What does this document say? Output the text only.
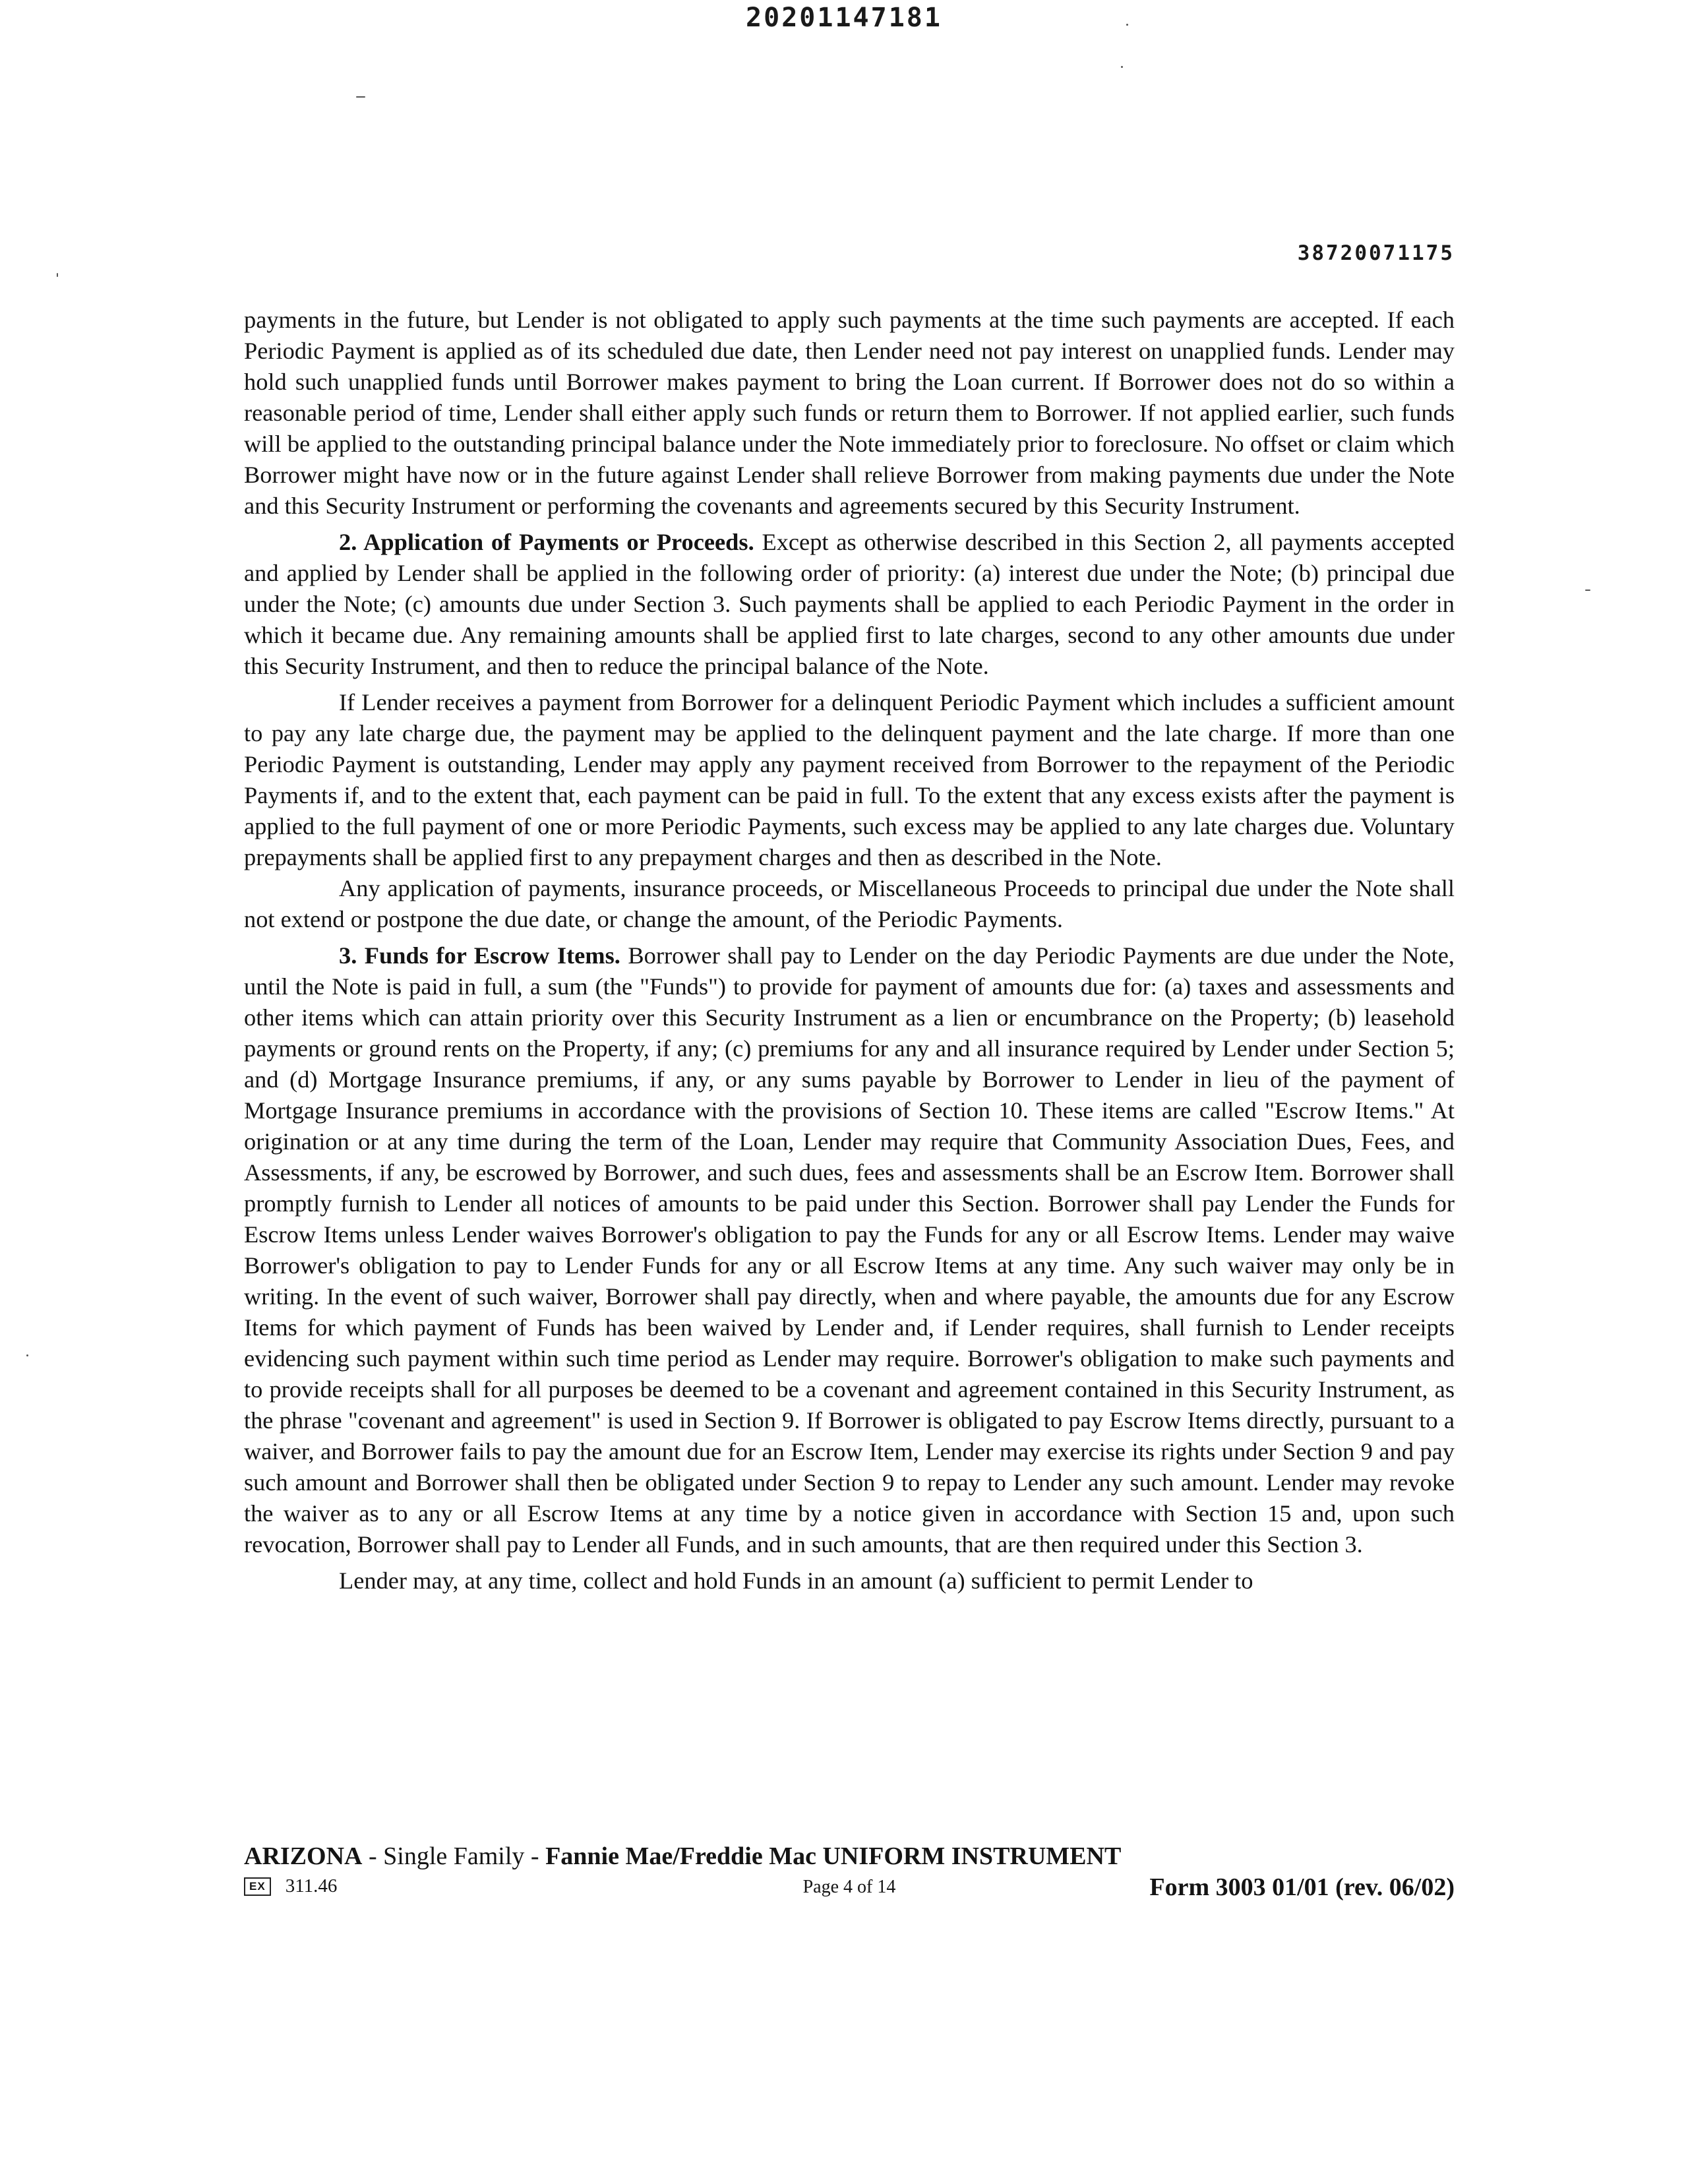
20201147181
38720071175

payments in the future, but Lender is not obligated to apply such payments at the time such payments are accepted. If each Periodic Payment is applied as of its scheduled due date, then Lender need not pay interest on unapplied funds. Lender may hold such unapplied funds until Borrower makes payment to bring the Loan current. If Borrower does not do so within a reasonable period of time, Lender shall either apply such funds or return them to Borrower. If not applied earlier, such funds will be applied to the outstanding principal balance under the Note immediately prior to foreclosure. No offset or claim which Borrower might have now or in the future against Lender shall relieve Borrower from making payments due under the Note and this Security Instrument or performing the covenants and agreements secured by this Security Instrument.

2. Application of Payments or Proceeds. Except as otherwise described in this Section 2, all payments accepted and applied by Lender shall be applied in the following order of priority: (a) interest due under the Note; (b) principal due under the Note; (c) amounts due under Section 3. Such payments shall be applied to each Periodic Payment in the order in which it became due. Any remaining amounts shall be applied first to late charges, second to any other amounts due under this Security Instrument, and then to reduce the principal balance of the Note.

If Lender receives a payment from Borrower for a delinquent Periodic Payment which includes a sufficient amount to pay any late charge due, the payment may be applied to the delinquent payment and the late charge. If more than one Periodic Payment is outstanding, Lender may apply any payment received from Borrower to the repayment of the Periodic Payments if, and to the extent that, each payment can be paid in full. To the extent that any excess exists after the payment is applied to the full payment of one or more Periodic Payments, such excess may be applied to any late charges due. Voluntary prepayments shall be applied first to any prepayment charges and then as described in the Note.

Any application of payments, insurance proceeds, or Miscellaneous Proceeds to principal due under the Note shall not extend or postpone the due date, or change the amount, of the Periodic Payments.

3. Funds for Escrow Items. Borrower shall pay to Lender on the day Periodic Payments are due under the Note, until the Note is paid in full, a sum (the "Funds") to provide for payment of amounts due for: (a) taxes and assessments and other items which can attain priority over this Security Instrument as a lien or encumbrance on the Property; (b) leasehold payments or ground rents on the Property, if any; (c) premiums for any and all insurance required by Lender under Section 5; and (d) Mortgage Insurance premiums, if any, or any sums payable by Borrower to Lender in lieu of the payment of Mortgage Insurance premiums in accordance with the provisions of Section 10. These items are called "Escrow Items." At origination or at any time during the term of the Loan, Lender may require that Community Association Dues, Fees, and Assessments, if any, be escrowed by Borrower, and such dues, fees and assessments shall be an Escrow Item. Borrower shall promptly furnish to Lender all notices of amounts to be paid under this Section. Borrower shall pay Lender the Funds for Escrow Items unless Lender waives Borrower's obligation to pay the Funds for any or all Escrow Items. Lender may waive Borrower's obligation to pay to Lender Funds for any or all Escrow Items at any time. Any such waiver may only be in writing. In the event of such waiver, Borrower shall pay directly, when and where payable, the amounts due for any Escrow Items for which payment of Funds has been waived by Lender and, if Lender requires, shall furnish to Lender receipts evidencing such payment within such time period as Lender may require. Borrower's obligation to make such payments and to provide receipts shall for all purposes be deemed to be a covenant and agreement contained in this Security Instrument, as the phrase "covenant and agreement" is used in Section 9. If Borrower is obligated to pay Escrow Items directly, pursuant to a waiver, and Borrower fails to pay the amount due for an Escrow Item, Lender may exercise its rights under Section 9 and pay such amount and Borrower shall then be obligated under Section 9 to repay to Lender any such amount. Lender may revoke the waiver as to any or all Escrow Items at any time by a notice given in accordance with Section 15 and, upon such revocation, Borrower shall pay to Lender all Funds, and in such amounts, that are then required under this Section 3.

Lender may, at any time, collect and hold Funds in an amount (a) sufficient to permit Lender to

ARIZONA - Single Family - Fannie Mae/Freddie Mac UNIFORM INSTRUMENT
EX 311.46	Page 4 of 14	Form 3003 01/01 (rev. 06/02)
